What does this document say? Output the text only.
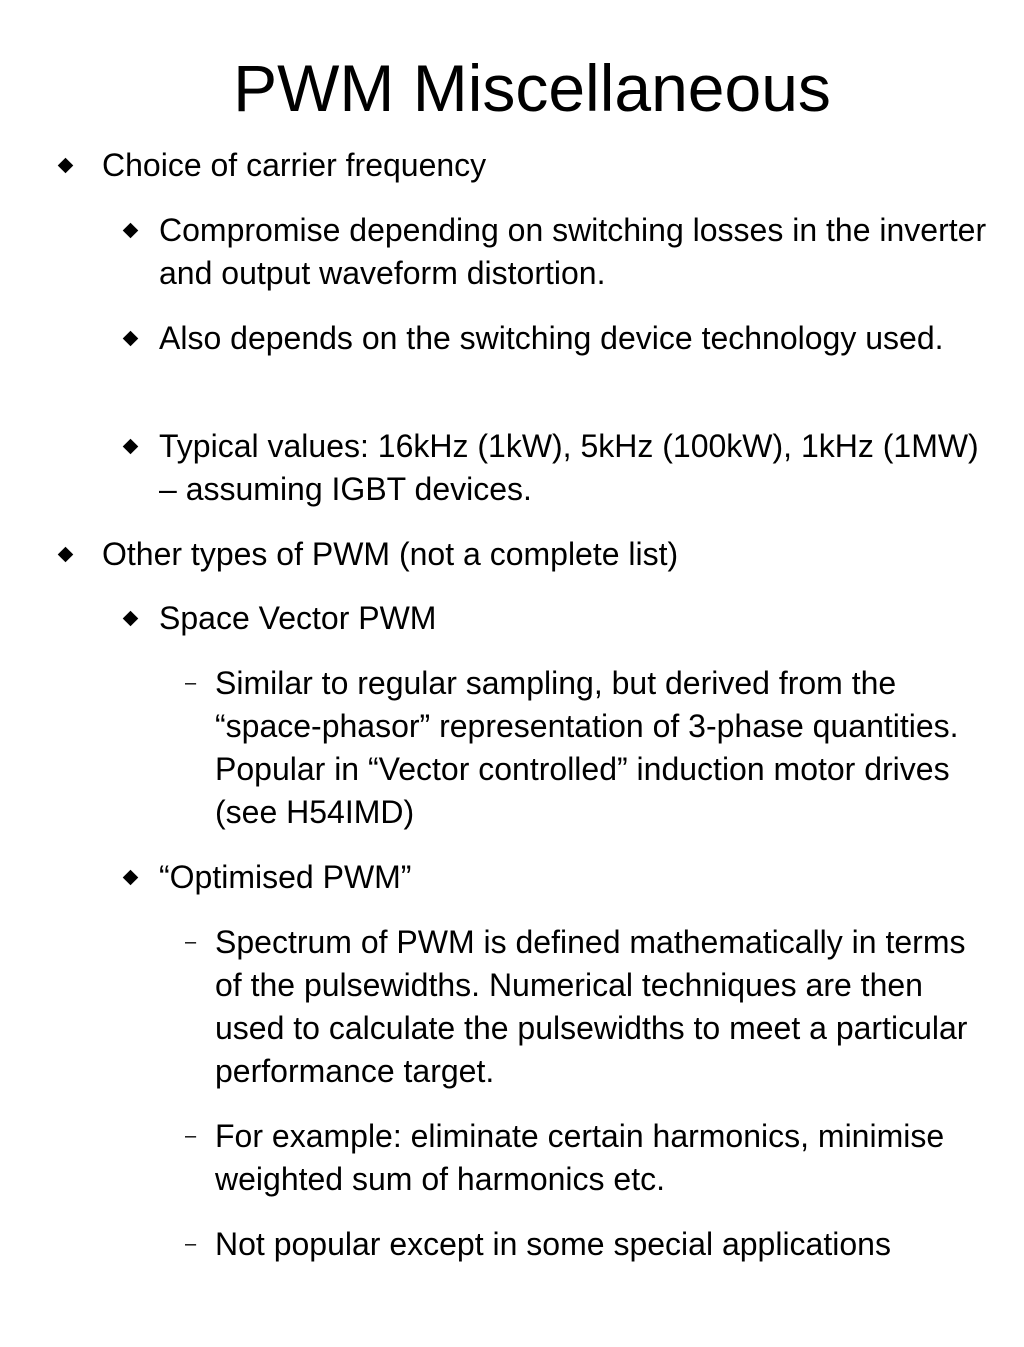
PWM Miscellaneous
Choice of carrier frequency
Compromise depending on switching losses in the inverter and output waveform distortion.
Also depends on the switching device technology used.
Typical values: 16kHz (1kW), 5kHz (100kW), 1kHz (1MW) – assuming IGBT devices.
Other types of PWM (not a complete list)
Space Vector PWM
– Similar to regular sampling, but derived from the “space-phasor” representation of 3-phase quantities. Popular in “Vector controlled” induction motor drives (see H54IMD)
“Optimised PWM”
– Spectrum of PWM is defined mathematically in terms of the pulsewidths. Numerical techniques are then used to calculate the pulsewidths to meet a particular performance target.
– For example: eliminate certain harmonics, minimise weighted sum of harmonics etc.
– Not popular except in some special applications
